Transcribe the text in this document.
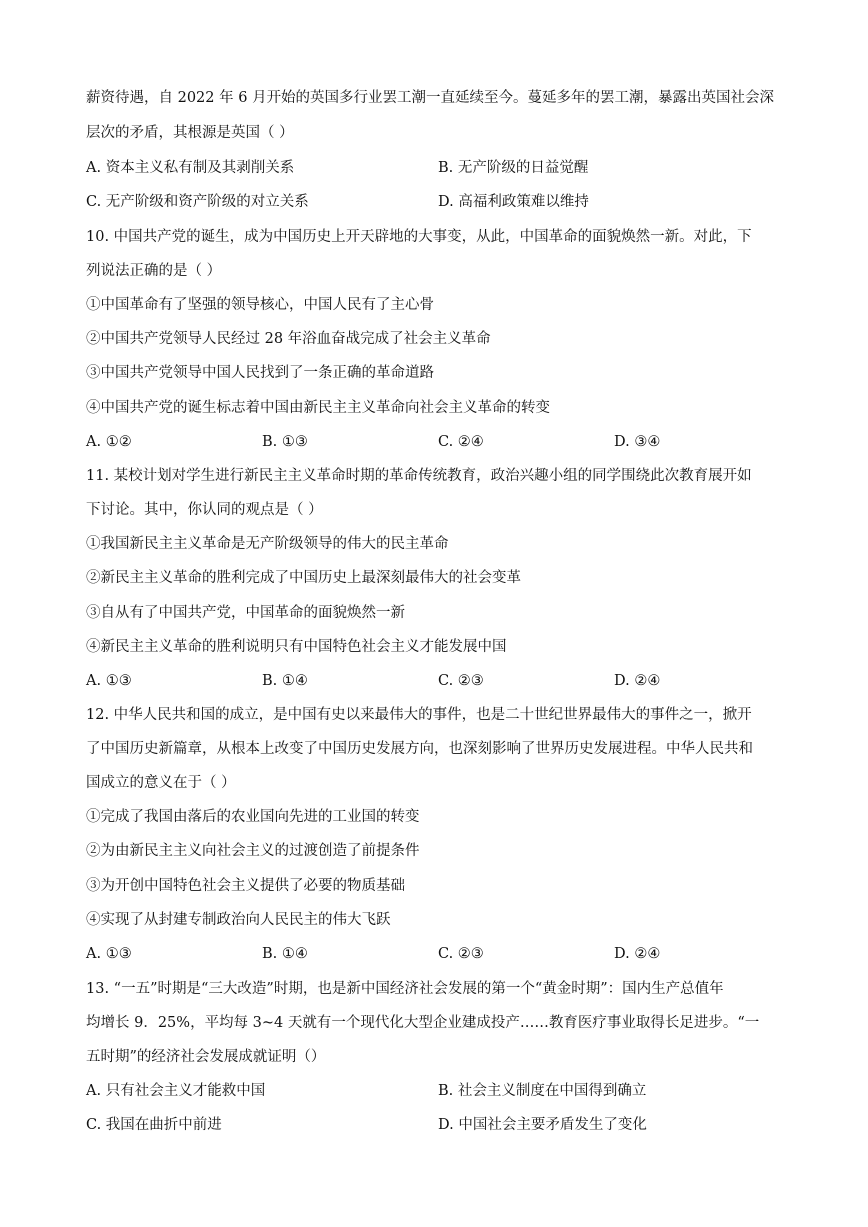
薪资待遇，自 2022 年 6 月开始的英国多行业罢工潮一直延续至今。蔓延多年的罢工潮，暴露出英国社会深
层次的矛盾，其根源是英国（ ）
A. 资本主义私有制及其剥削关系	B. 无产阶级的日益觉醒
C. 无产阶级和资产阶级的对立关系	D. 高福利政策难以维持
10. 中国共产党的诞生，成为中国历史上开天辟地的大事变，从此，中国革命的面貌焕然一新。对此，下
列说法正确的是（ ）
①中国革命有了坚强的领导核心，中国人民有了主心骨
②中国共产党领导人民经过 28 年浴血奋战完成了社会主义革命
③中国共产党领导中国人民找到了一条正确的革命道路
④中国共产党的诞生标志着中国由新民主主义革命向社会主义革命的转变
A. ①②	B. ①③	C. ②④	D. ③④
11. 某校计划对学生进行新民主主义革命时期的革命传统教育，政治兴趣小组的同学围绕此次教育展开如
下讨论。其中，你认同的观点是（ ）
①我国新民主主义革命是无产阶级领导的伟大的民主革命
②新民主主义革命的胜利完成了中国历史上最深刻最伟大的社会变革
③自从有了中国共产党，中国革命的面貌焕然一新
④新民主主义革命的胜利说明只有中国特色社会主义才能发展中国
A. ①③	B. ①④	C. ②③	D. ②④
12. 中华人民共和国的成立，是中国有史以来最伟大的事件，也是二十世纪世界最伟大的事件之一，掀开
了中国历史新篇章，从根本上改变了中国历史发展方向，也深刻影响了世界历史发展进程。中华人民共和
国成立的意义在于（ ）
①完成了我国由落后的农业国向先进的工业国的转变
②为由新民主主义向社会主义的过渡创造了前提条件
③为开创中国特色社会主义提供了必要的物质基础
④实现了从封建专制政治向人民民主的伟大飞跃
A. ①③	B. ①④	C. ②③	D. ②④
13. “一五”时期是“三大改造”时期，也是新中国经济社会发展的第一个“黄金时期”：国内生产总值年
均增长 9．25%，平均每 3~4 天就有一个现代化大型企业建成投产……教育医疗事业取得长足进步。“一
五时期”的经济社会发展成就证明（）
A. 只有社会主义才能救中国	B. 社会主义制度在中国得到确立
C. 我国在曲折中前进	D. 中国社会主要矛盾发生了变化
